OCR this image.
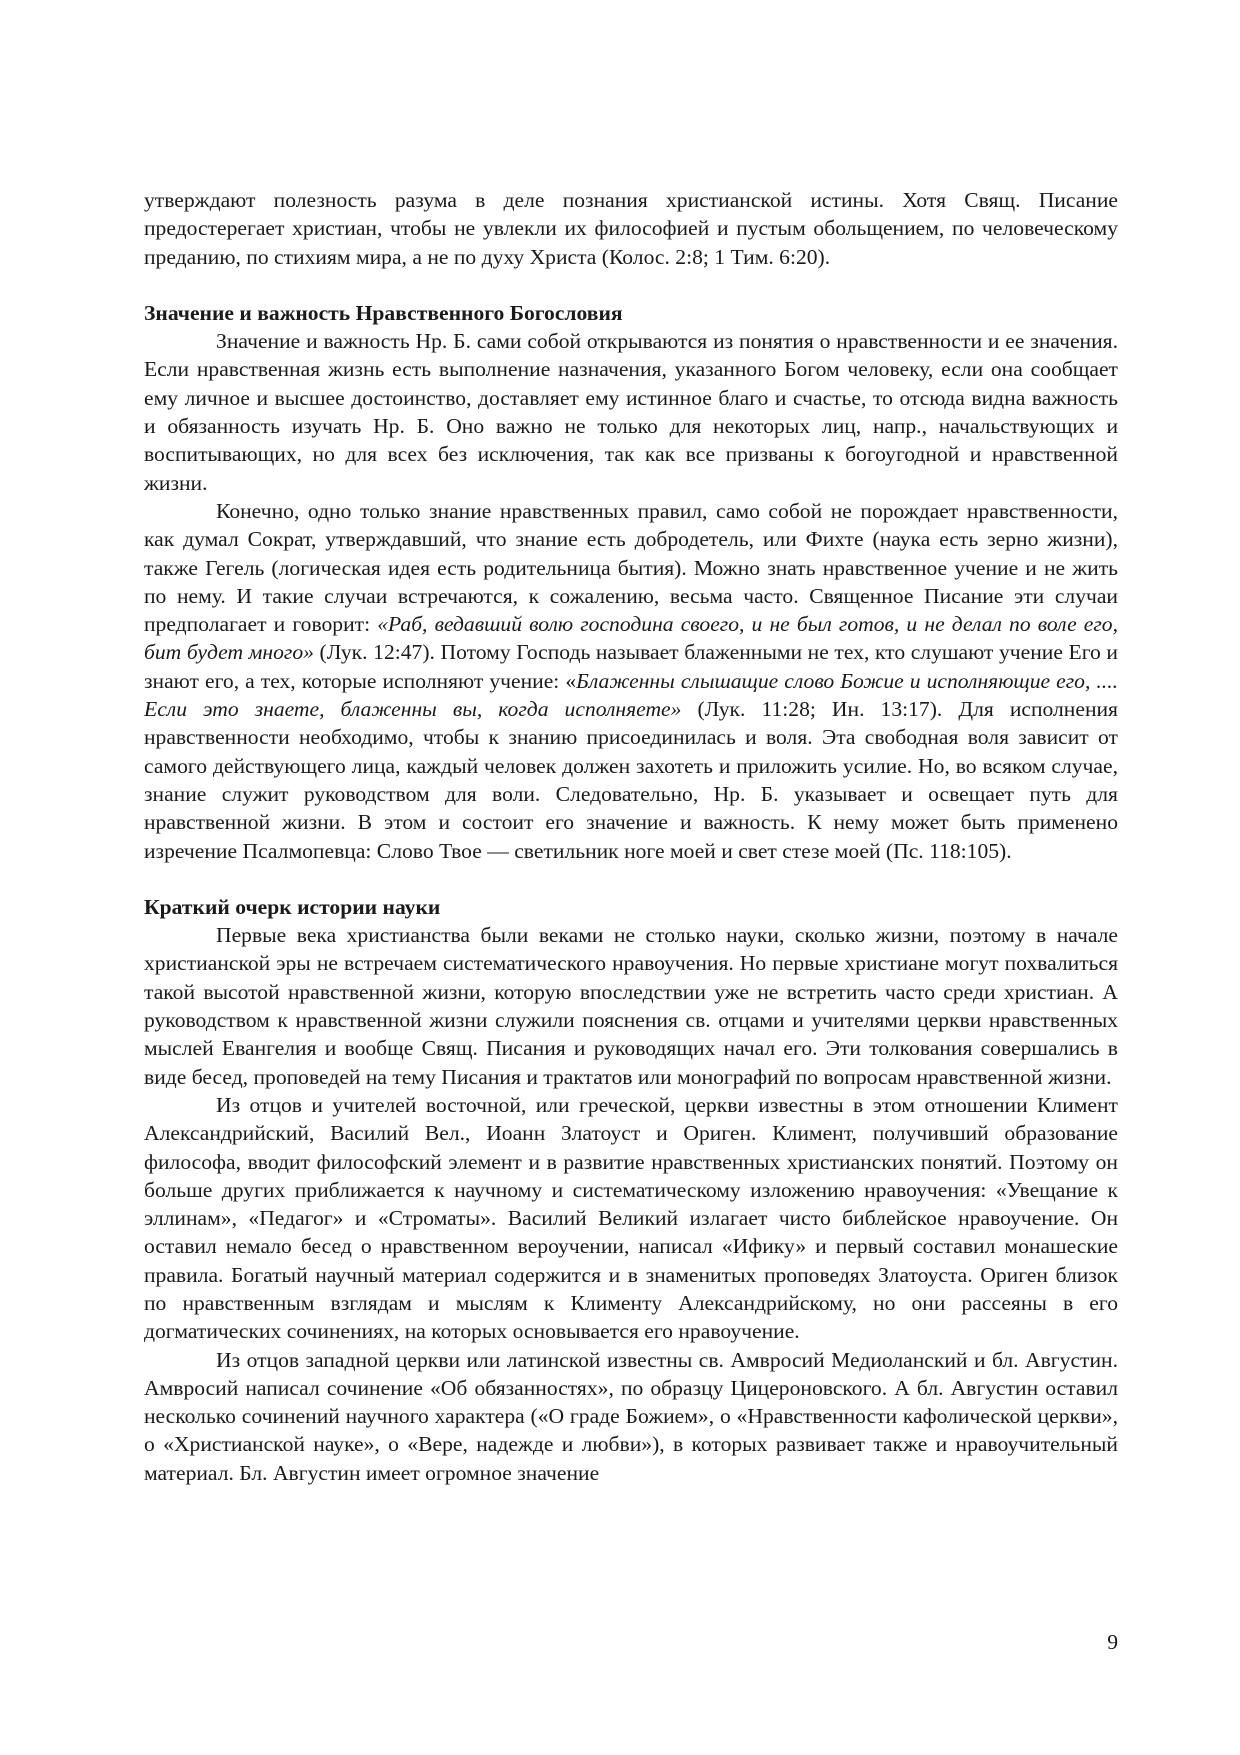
утверждают полезность разума в деле познания христианской истины. Хотя Свящ. Писание предостерегает христиан, чтобы не увлекли их философией и пустым обольщением, по человеческому преданию, по стихиям мира, а не по духу Христа (Колос. 2:8; 1 Тим. 6:20).

Значение и важность Нравственного Богословия

Значение и важность Нр. Б. сами собой открываются из понятия о нравственности и ее значения. Если нравственная жизнь есть выполнение назначения, указанного Богом человеку, если она сообщает ему личное и высшее достоинство, доставляет ему истинное благо и счастье, то отсюда видна важность и обязанность изучать Нр. Б. Оно важно не только для некоторых лиц, напр., начальствующих и воспитывающих, но для всех без исключения, так как все призваны к богоугодной и нравственной жизни.

Конечно, одно только знание нравственных правил, само собой не порождает нравственности, как думал Сократ, утверждавший, что знание есть добродетель, или Фихте (наука есть зерно жизни), также Гегель (логическая идея есть родительница бытия). Можно знать нравственное учение и не жить по нему. И такие случаи встречаются, к сожалению, весьма часто. Священное Писание эти случаи предполагает и говорит: «Раб, ведавший волю господина своего, и не был готов, и не делал по воле его, бит будет много» (Лук. 12:47). Потому Господь называет блаженными не тех, кто слушают учение Его и знают его, а тех, которые исполняют учение: «Блаженны слышащие слово Божие и исполняющие его, .... Если это знаете, блаженны вы, когда исполняете» (Лук. 11:28; Ин. 13:17). Для исполнения нравственности необходимо, чтобы к знанию присоединилась и воля. Эта свободная воля зависит от самого действующего лица, каждый человек должен захотеть и приложить усилие. Но, во всяком случае, знание служит руководством для воли. Следовательно, Нр. Б. указывает и освещает путь для нравственной жизни. В этом и состоит его значение и важность. К нему может быть применено изречение Псалмопевца: Слово Твое — светильник ноге моей и свет стезе моей (Пс. 118:105).

Краткий очерк истории науки

Первые века христианства были веками не столько науки, сколько жизни, поэтому в начале христианской эры не встречаем систематического нравоучения. Но первые христиане могут похвалиться такой высотой нравственной жизни, которую впоследствии уже не встретить часто среди христиан. А руководством к нравственной жизни служили пояснения св. отцами и учителями церкви нравственных мыслей Евангелия и вообще Свящ. Писания и руководящих начал его. Эти толкования совершались в виде бесед, проповедей на тему Писания и трактатов или монографий по вопросам нравственной жизни.

Из отцов и учителей восточной, или греческой, церкви известны в этом отношении Климент Александрийский, Василий Вел., Иоанн Златоуст и Ориген. Климент, получивший образование философа, вводит философский элемент и в развитие нравственных христианских понятий. Поэтому он больше других приближается к научному и систематическому изложению нравоучения: «Увещание к эллинам», «Педагог» и «Строматы». Василий Великий излагает чисто библейское нравоучение. Он оставил немало бесед о нравственном вероучении, написал «Ифику» и первый составил монашеские правила. Богатый научный материал содержится и в знаменитых проповедях Златоуста. Ориген близок по нравственным взглядам и мыслям к Клименту Александрийскому, но они рассеяны в его догматических сочинениях, на которых основывается его нравоучение.

Из отцов западной церкви или латинской известны св. Амвросий Медиоланский и бл. Августин. Амвросий написал сочинение «Об обязанностях», по образцу Цицероновского. А бл. Августин оставил несколько сочинений научного характера («О граде Божием», о «Нравственности кафолической церкви», о «Христианской науке», о «Вере, надежде и любви»), в которых развивает также и нравоучительный материал. Бл. Августин имеет огромное значение

9
